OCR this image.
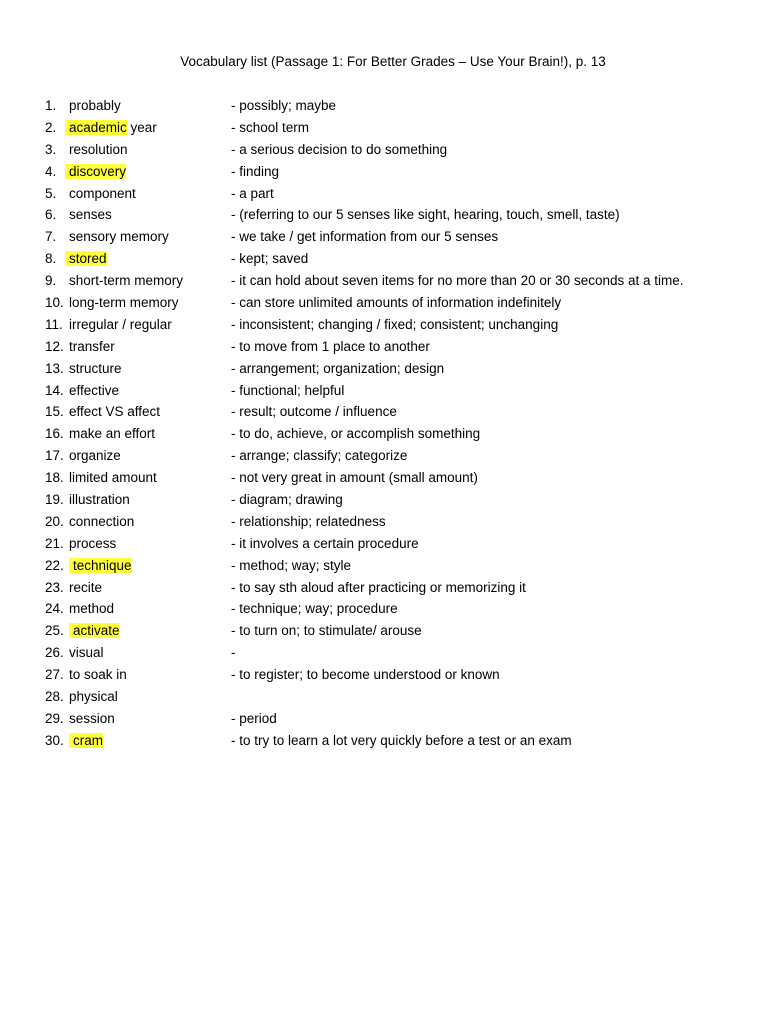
Vocabulary list (Passage 1: For Better Grades – Use Your Brain!), p. 13
1. probably	- possibly; maybe
2. academic year	- school term
3. resolution	- a serious decision to do something
4. discovery	- finding
5. component	- a part
6. senses	- (referring to our 5 senses like sight, hearing, touch, smell, taste)
7. sensory memory	- we take / get information from our 5 senses
8. stored	- kept; saved
9. short-term memory	- it can hold about seven items for no more than 20 or 30 seconds at a time.
10. long-term memory	- can store unlimited amounts of information indefinitely
11. irregular / regular	- inconsistent; changing / fixed; consistent; unchanging
12. transfer	- to move from 1 place to another
13. structure	- arrangement; organization; design
14. effective	- functional; helpful
15. effect VS affect	- result; outcome / influence
16. make an effort	- to do, achieve, or accomplish something
17. organize	- arrange; classify; categorize
18. limited amount	- not very great in amount (small amount)
19. illustration	- diagram; drawing
20. connection	- relationship; relatedness
21. process	- it involves a certain procedure
22. technique	- method; way; style
23. recite	- to say sth aloud after practicing or memorizing it
24. method	- technique; way; procedure
25. activate	- to turn on; to stimulate/ arouse
26. visual	-
27. to soak in	- to register; to become understood or known
28. physical
29. session	- period
30. cram	- to try to learn a lot very quickly before a test or an exam
